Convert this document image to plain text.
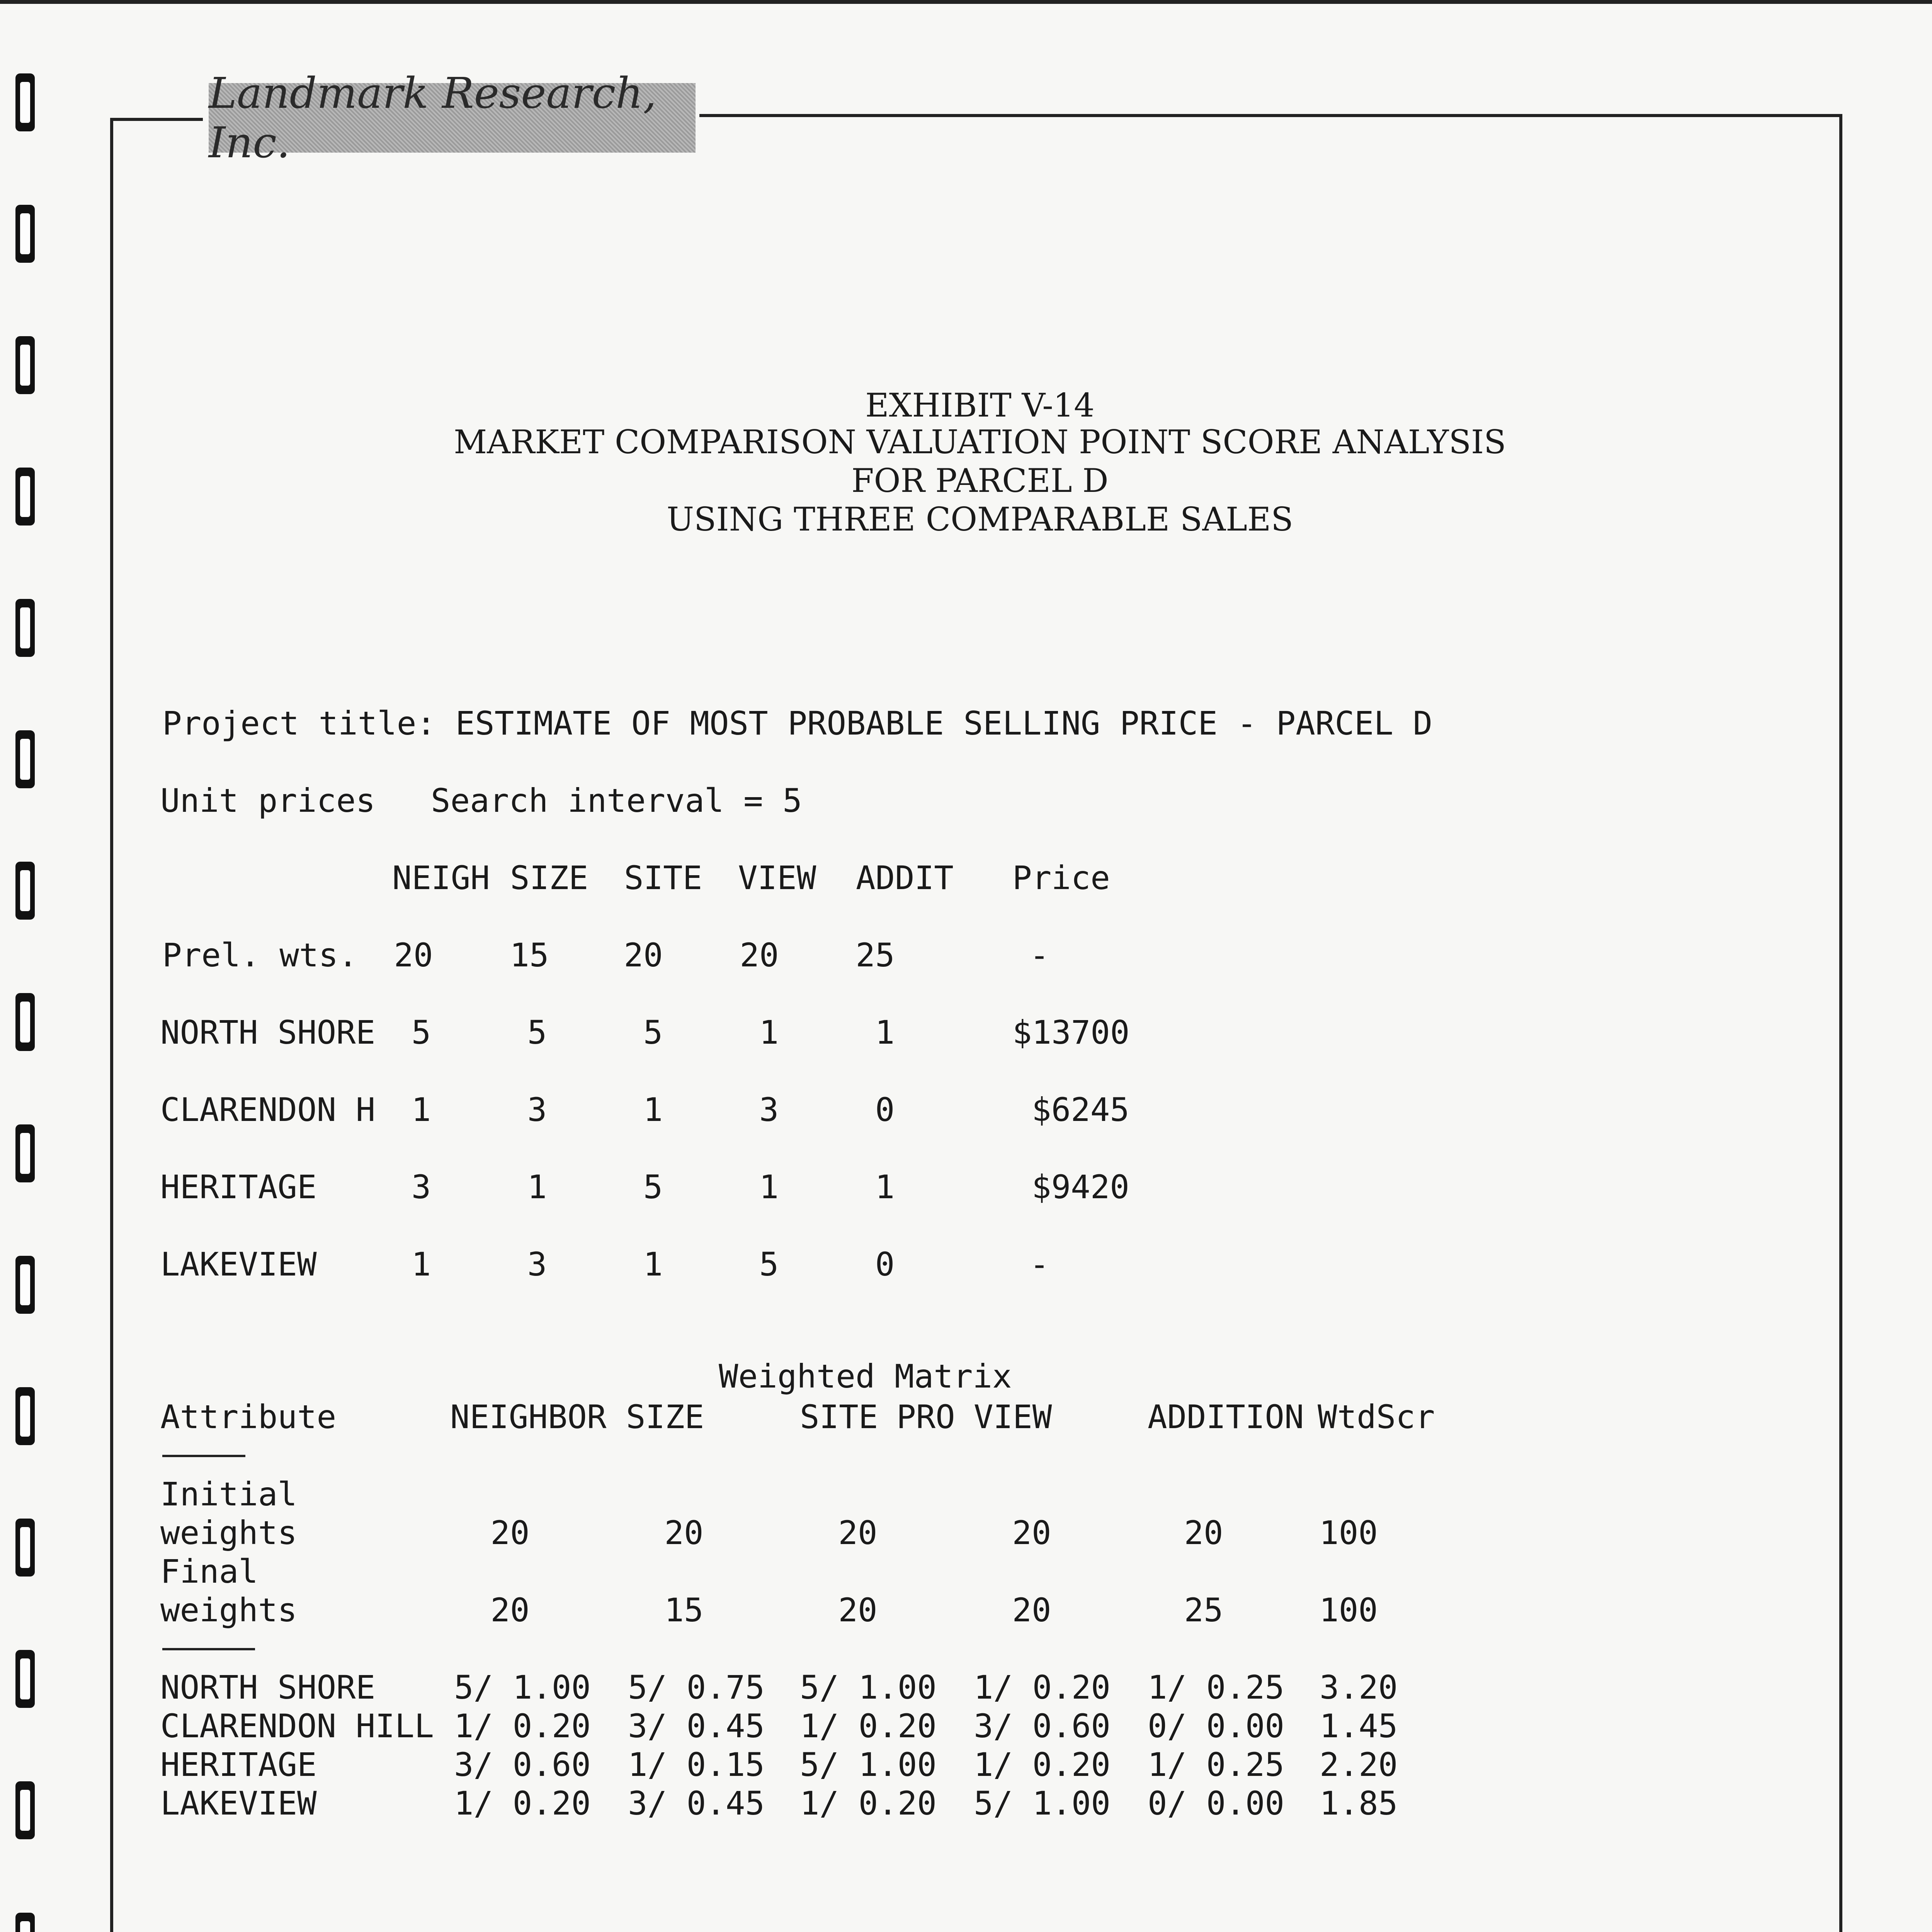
Landmark Research, Inc.
EXHIBIT V-14
MARKET COMPARISON VALUATION POINT SCORE ANALYSIS
FOR PARCEL D
USING THREE COMPARABLE SALES
Project title: ESTIMATE OF MOST PROBABLE SELLING PRICE - PARCEL D
Unit prices Search interval = 5
NEIGH SIZE SITE VIEW ADDIT Price
Prel. wts.	20	15	20	20	25	-
NORTH SHORE	5	5	5	1	1	$13700
CLARENDON H	1	3	1	3	0	$6245
HERITAGE	3	1	5	1	1	$9420
LAKEVIEW	1	3	1	5	0	-
Weighted Matrix
Attribute	NEIGHBOR SIZE	SITE PRO VIEW	ADDITION WtdScr
Initial
weights	20	20	20	20	20	100
Final
weights	20	15	20	20	25	100
NORTH SHORE 5/ 1.00 5/ 0.75 5/ 1.00 1/ 0.20 1/ 0.25 3.20
CLARENDON HILL 1/ 0.20 3/ 0.45 1/ 0.20 3/ 0.60 0/ 0.00 1.45
HERITAGE	3/ 0.60 1/ 0.15 5/ 1.00 1/ 0.20 1/ 0.25 2.20
LAKEVIEW	1/ 0.20 3/ 0.45 1/ 0.20 5/ 1.00 0/ 0.00 1.85
